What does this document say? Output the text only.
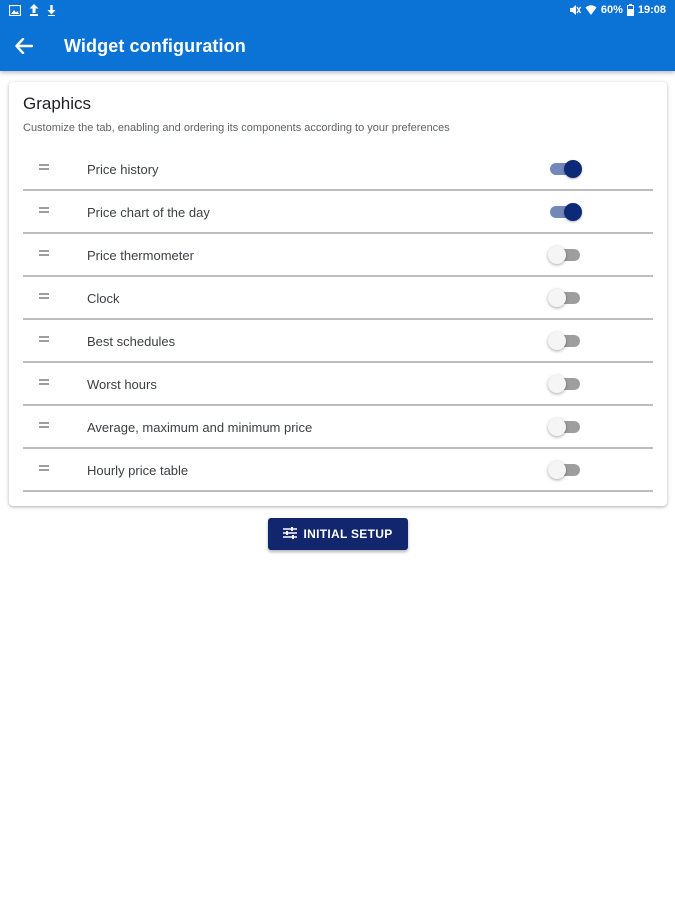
60% 19:08
Widget configuration
Graphics
Customize the tab, enabling and ordering its components according to your preferences
Price history
Price chart of the day
Price thermometer
Clock
Best schedules
Worst hours
Average, maximum and minimum price
Hourly price table
INITIAL SETUP
